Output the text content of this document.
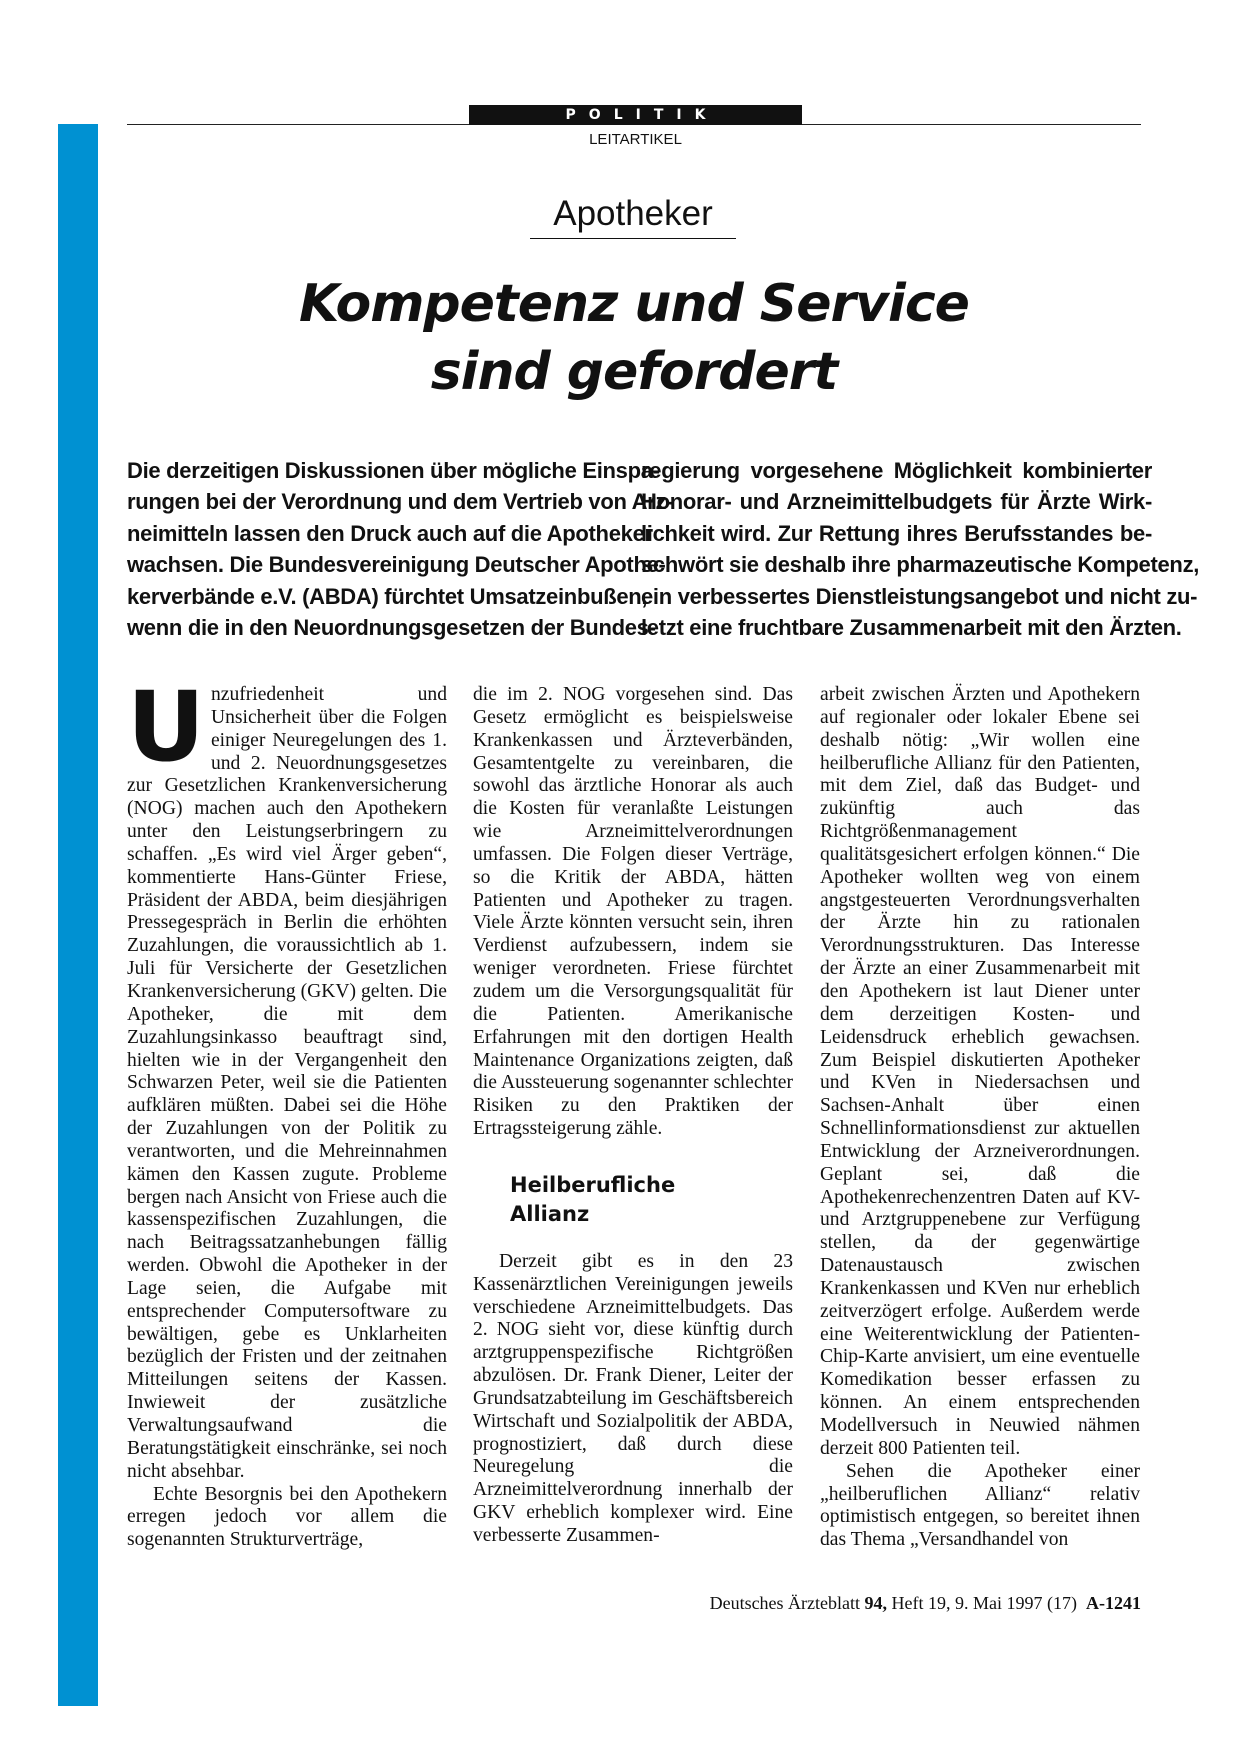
POLITIK
LEITARTIKEL
Apotheker
Kompetenz und Service
sind gefordert
Die derzeitigen Diskussionen über mögliche Einspa-
rungen bei der Verordnung und dem Vertrieb von Arz-
neimitteln lassen den Druck auch auf die Apotheker
wachsen. Die Bundesvereinigung Deutscher Apothe-
kerverbände e.V. (ABDA) fürchtet Umsatzeinbußen,
wenn die in den Neuordnungsgesetzen der Bundes-
regierung vorgesehene Möglichkeit kombinierter
Honorar- und Arzneimittelbudgets für Ärzte Wirk-
lichkeit wird. Zur Rettung ihres Berufsstandes be-
schwört sie deshalb ihre pharmazeutische Kompetenz,
ein verbessertes Dienstleistungsangebot und nicht zu-
letzt eine fruchtbare Zusammenarbeit mit den Ärzten.

Unzufriedenheit und Unsicherheit über die Folgen einiger Neuregelungen des 1. und 2. Neuordnungsgesetzes zur Gesetzlichen Krankenversicherung (NOG) machen auch den Apothekern unter den Leistungserbringern zu schaffen. „Es wird viel Ärger geben“, kommentierte Hans-Günter Friese, Präsident der ABDA, beim diesjährigen Pressegespräch in Berlin die erhöhten Zuzahlungen, die voraussichtlich ab 1. Juli für Versicherte der Gesetzlichen Krankenversicherung (GKV) gelten. Die Apotheker, die mit dem Zuzahlungsinkasso beauftragt sind, hielten wie in der Vergangenheit den Schwarzen Peter, weil sie die Patienten aufklären müßten. Dabei sei die Höhe der Zuzahlungen von der Politik zu verantworten, und die Mehreinnahmen kämen den Kassen zugute. Probleme bergen nach Ansicht von Friese auch die kassenspezifischen Zuzahlungen, die nach Beitragssatzanhebungen fällig werden. Obwohl die Apotheker in der Lage seien, die Aufgabe mit entsprechender Computersoftware zu bewältigen, gebe es Unklarheiten bezüglich der Fristen und der zeitnahen Mitteilungen seitens der Kassen. Inwieweit der zusätzliche Verwaltungsaufwand die Beratungstätigkeit einschränke, sei noch nicht absehbar.

Echte Besorgnis bei den Apothekern erregen jedoch vor allem die sogenannten Strukturverträge,

die im 2. NOG vorgesehen sind. Das Gesetz ermöglicht es beispielsweise Krankenkassen und Ärzteverbänden, Gesamtentgelte zu vereinbaren, die sowohl das ärztliche Honorar als auch die Kosten für veranlaßte Leistungen wie Arzneimittelverordnungen umfassen. Die Folgen dieser Verträge, so die Kritik der ABDA, hätten Patienten und Apotheker zu tragen. Viele Ärzte könnten versucht sein, ihren Verdienst aufzubessern, indem sie weniger verordneten. Friese fürchtet zudem um die Versorgungsqualität für die Patienten. Amerikanische Erfahrungen mit den dortigen Health Maintenance Organizations zeigten, daß die Aussteuerung sogenannter schlechter Risiken zu den Praktiken der Ertragssteigerung zähle.

Heilberufliche
Allianz

Derzeit gibt es in den 23 Kassenärztlichen Vereinigungen jeweils verschiedene Arzneimittelbudgets. Das 2. NOG sieht vor, diese künftig durch arztgruppenspezifische Richtgrößen abzulösen. Dr. Frank Diener, Leiter der Grundsatzabteilung im Geschäftsbereich Wirtschaft und Sozialpolitik der ABDA, prognostiziert, daß durch diese Neuregelung die Arzneimittelverordnung innerhalb der GKV erheblich komplexer wird. Eine verbesserte Zusammen-

arbeit zwischen Ärzten und Apothekern auf regionaler oder lokaler Ebene sei deshalb nötig: „Wir wollen eine heilberufliche Allianz für den Patienten, mit dem Ziel, daß das Budget- und zukünftig auch das Richtgrößenmanagement qualitätsgesichert erfolgen können.“ Die Apotheker wollten weg von einem angstgesteuerten Verordnungsverhalten der Ärzte hin zu rationalen Verordnungsstrukturen. Das Interesse der Ärzte an einer Zusammenarbeit mit den Apothekern ist laut Diener unter dem derzeitigen Kosten- und Leidensdruck erheblich gewachsen. Zum Beispiel diskutierten Apotheker und KVen in Niedersachsen und Sachsen-Anhalt über einen Schnellinformationsdienst zur aktuellen Entwicklung der Arzneiverordnungen. Geplant sei, daß die Apothekenrechenzentren Daten auf KV- und Arztgruppenebene zur Verfügung stellen, da der gegenwärtige Datenaustausch zwischen Krankenkassen und KVen nur erheblich zeitverzögert erfolge. Außerdem werde eine Weiterentwicklung der Patienten-Chip-Karte anvisiert, um eine eventuelle Komedikation besser erfassen zu können. An einem entsprechenden Modellversuch in Neuwied nähmen derzeit 800 Patienten teil.

Sehen die Apotheker einer „heilberuflichen Allianz“ relativ optimistisch entgegen, so bereitet ihnen das Thema „Versandhandel von

Deutsches Ärzteblatt 94, Heft 19, 9. Mai 1997 (17) A-1241
